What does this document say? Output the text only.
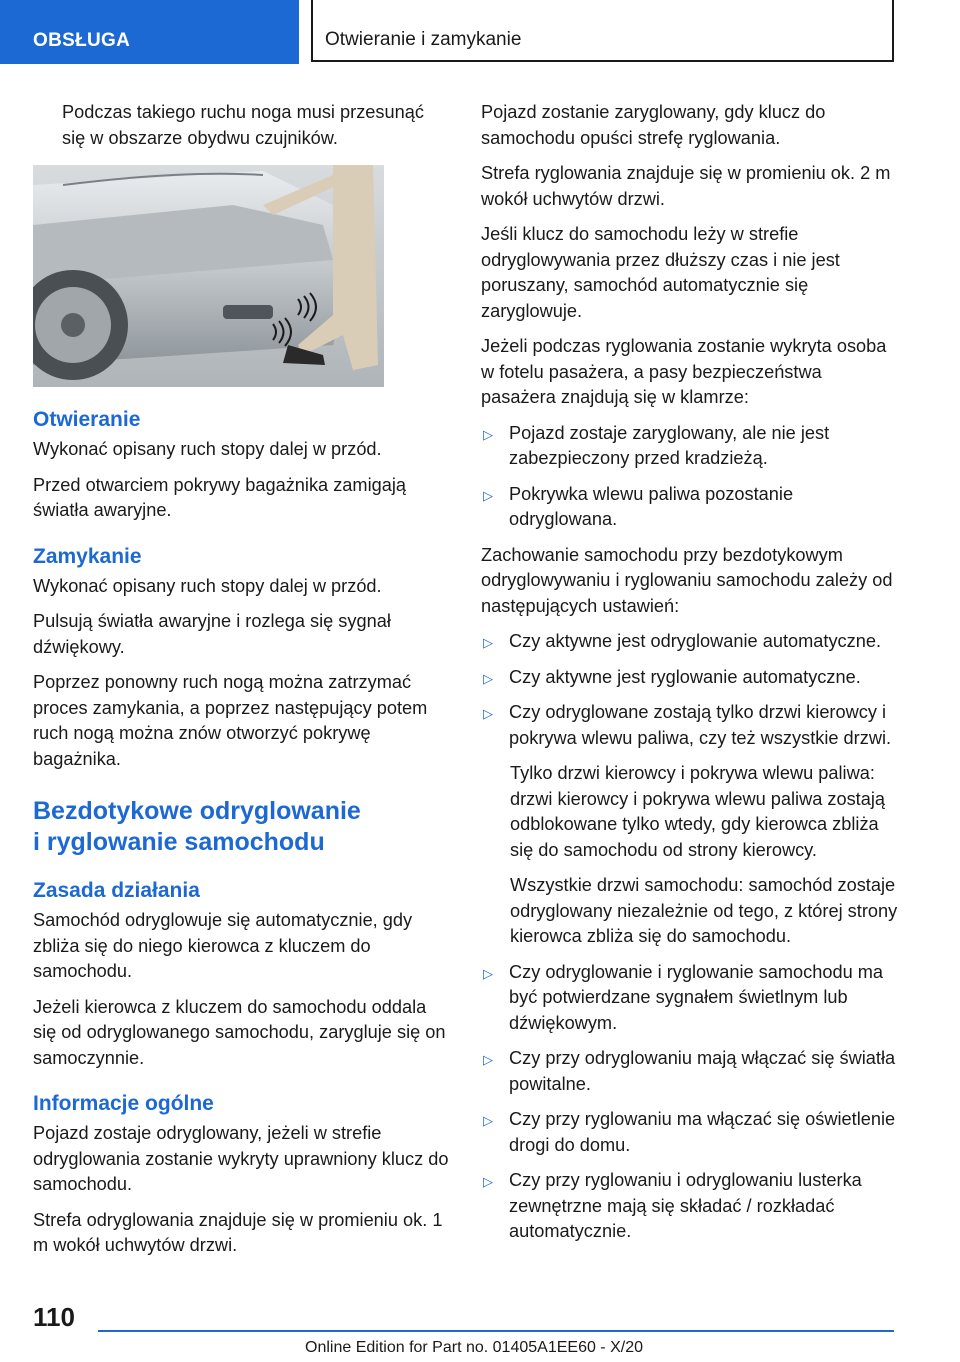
OBSŁUGA	Otwieranie i zamykanie

Podczas takiego ruchu noga musi przesunąć się w obszarze obydwu czujników.

Otwieranie

Wykonać opisany ruch stopy dalej w przód.

Przed otwarciem pokrywy bagażnika zamigają światła awaryjne.

Zamykanie

Wykonać opisany ruch stopy dalej w przód.

Pulsują światła awaryjne i rozlega się sygnał dźwiękowy.

Poprzez ponowny ruch nogą można zatrzymać proces zamykania, a poprzez następujący potem ruch nogą można znów otworzyć pokrywę bagażnika.

Bezdotykowe odryglowanie
i ryglowanie samochodu
Zasada działania

Samochód odryglowuje się automatycznie, gdy zbliża się do niego kierowca z kluczem do samochodu.

Jeżeli kierowca z kluczem do samochodu oddala się od odryglowanego samochodu, zarygluje się on samoczynnie.

Informacje ogólne

Pojazd zostaje odryglowany, jeżeli w strefie odryglowania zostanie wykryty uprawniony klucz do samochodu.

Strefa odryglowania znajduje się w promieniu ok. 1 m wokół uchwytów drzwi.

Pojazd zostanie zaryglowany, gdy klucz do samochodu opuści strefę ryglowania.

Strefa ryglowania znajduje się w promieniu ok. 2 m wokół uchwytów drzwi.

Jeśli klucz do samochodu leży w strefie odryglowywania przez dłuższy czas i nie jest poruszany, samochód automatycznie się zaryglowuje.

Jeżeli podczas ryglowania zostanie wykryta osoba w fotelu pasażera, a pasy bezpieczeństwa pasażera znajdują się w klamrze:

▷ Pojazd zostaje zaryglowany, ale nie jest zabezpieczony przed kradzieżą.
▷ Pokrywka wlewu paliwa pozostanie odryglowana.

Zachowanie samochodu przy bezdotykowym odryglowywaniu i ryglowaniu samochodu zależy od następujących ustawień:

▷ Czy aktywne jest odryglowanie automatyczne.
▷ Czy aktywne jest ryglowanie automatyczne.
▷ Czy odryglowane zostają tylko drzwi kierowcy i pokrywa wlewu paliwa, czy też wszystkie drzwi.

Tylko drzwi kierowcy i pokrywa wlewu paliwa: drzwi kierowcy i pokrywa wlewu paliwa zostają odblokowane tylko wtedy, gdy kierowca zbliża się do samochodu od strony kierowcy.

Wszystkie drzwi samochodu: samochód zostaje odryglowany niezależnie od tego, z której strony kierowca zbliża się do samochodu.

▷ Czy odryglowanie i ryglowanie samochodu ma być potwierdzane sygnałem świetlnym lub dźwiękowym.
▷ Czy przy odryglowaniu mają włączać się światła powitalne.
▷ Czy przy ryglowaniu ma włączać się oświetlenie drogi do domu.
▷ Czy przy ryglowaniu i odryglowaniu lusterka zewnętrzne mają się składać / rozkładać automatycznie.
110
Online Edition for Part no. 01405A1EE60 - X/20
